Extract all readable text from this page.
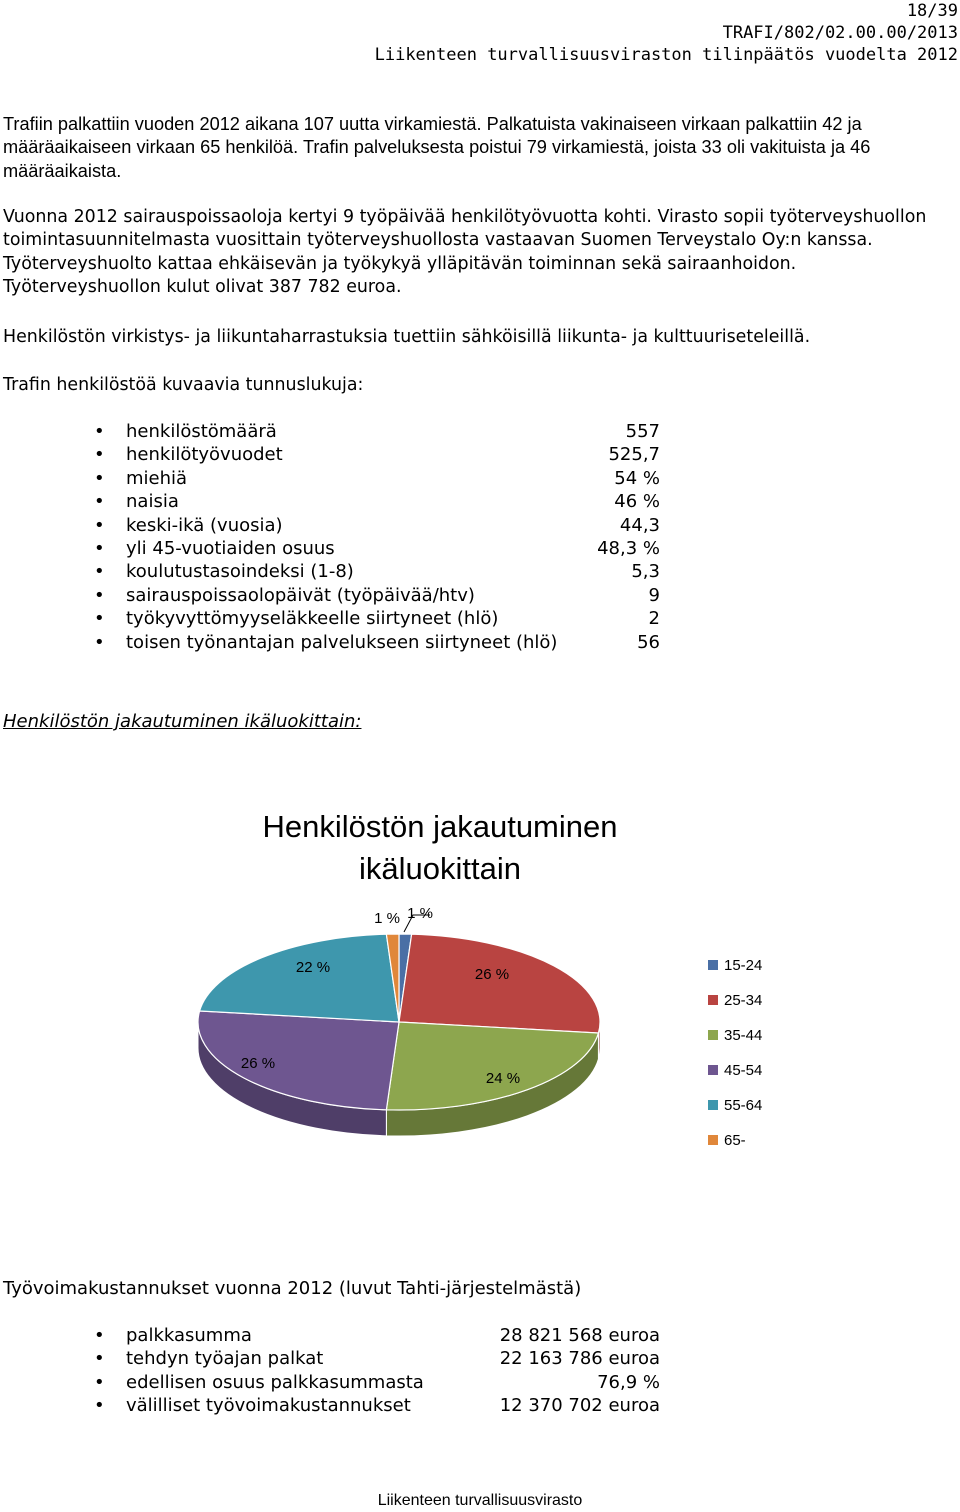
18/39
TRAFI/802/02.00.00/2013
Liikenteen turvallisuusviraston tilinpäätös vuodelta 2012

Trafiin palkattiin vuoden 2012 aikana 107 uutta virkamiestä. Palkatuista vakinaiseen virkaan palkattiin 42 ja määräaikaiseen virkaan 65 henkilöä. Trafin palveluksesta poistui 79 virkamiestä, joista 33 oli vakituista ja 46 määräaikaista.

Vuonna 2012 sairauspoissaoloja kertyi 9 työpäivää henkilötyövuotta kohti. Virasto sopii työterveyshuollon toimintasuunnitelmasta vuosittain työterveyshuollosta vastaavan Suomen Terveystalo Oy:n kanssa. Työterveyshuolto kattaa ehkäisevän ja työkykyä ylläpitävän toiminnan sekä sairaanhoidon. Työterveyshuollon kulut olivat 387 782 euroa.

Henkilöstön virkistys- ja liikuntaharrastuksia tuettiin sähköisillä liikunta- ja kulttuuriseteleillä.

Trafin henkilöstöä kuvaavia tunnuslukuja:

• henkilöstömäärä	557
• henkilötyövuodet	525,7
• miehiä	54 %
• naisia	46 %
• keski-ikä (vuosia)	44,3
• yli 45-vuotiaiden osuus	48,3 %
• koulutustasoindeksi (1-8)	5,3
• sairauspoissaolopäivät (työpäivää/htv)	9
• työkyvyttömyyseläkkeelle siirtyneet (hlö)	2
• toisen työnantajan palvelukseen siirtyneet (hlö)	56
Henkilöstön jakautuminen ikäluokittain:
Henkilöstön jakautuminen
ikäluokittain
1 %
26 %
24 %
26 %
22 %
1 %
15-24
25-34
35-44
45-54
55-64
65-
Työvoimakustannukset vuonna 2012 (luvut Tahti-järjestelmästä)
• palkkasumma	28 821 568 euroa
• tehdyn työajan palkat	22 163 786 euroa
• edellisen osuus palkkasummasta	76,9 %
• välilliset työvoimakustannukset	12 370 702 euroa
Liikenteen turvallisuusvirasto
